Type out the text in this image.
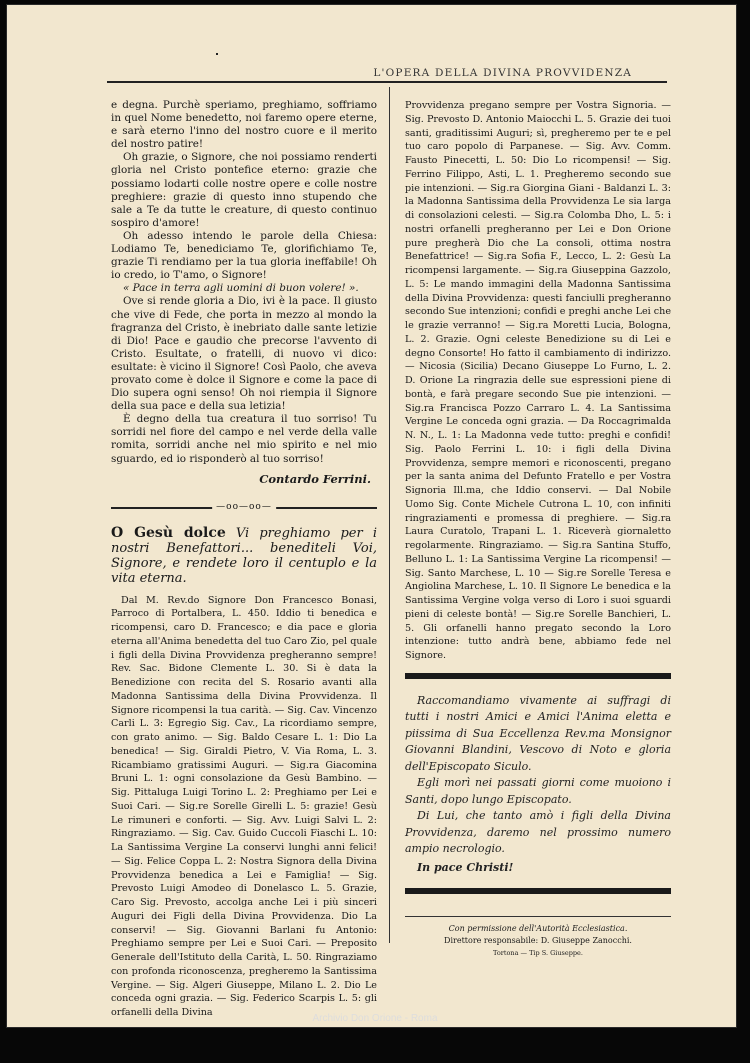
L'OPERA DELLA DIVINA PROVVIDENZA

e degna. Purchè speriamo, preghiamo, soffriamo in quel Nome benedetto, noi faremo opere eterne, e sarà eterno l'inno del nostro cuore e il merito del nostro patire!

Oh grazie, o Signore, che noi possiamo renderti gloria nel Cristo pontefice eterno: grazie che possiamo lodarti colle nostre opere e colle nostre preghiere: grazie di questo inno stupendo che sale a Te da tutte le creature, di questo continuo sospiro d'amore!

Oh adesso intendo le parole della Chiesa: Lodiamo Te, benediciamo Te, glorifichiamo Te, grazie Ti rendiamo per la tua gloria ineffabile! Oh io credo, io T'amo, o Signore!

« Pace in terra agli uomini di buon volere! ».

Ove si rende gloria a Dio, ivi è la pace. Il giusto che vive di Fede, che porta in mezzo al mondo la fragranza del Cristo, è inebriato dalle sante letizie di Dio! Pace e gaudio che precorse l'avvento di Cristo. Esultate, o fratelli, di nuovo vi dico: esultate: è vicino il Signore! Così Paolo, che aveva provato come è dolce il Signore e come la pace di Dio supera ogni senso! Oh noi riempia il Signore della sua pace e della sua letizia!

È degno della tua creatura il tuo sorriso! Tu sorridi nel fiore del campo e nel verde della valle romita, sorridi anche nel mio spirito e nel mio sguardo, ed io risponderò al tuo sorriso!

Contardo Ferrini.
—oo—oo—

O Gesù dolce Vi preghiamo per i nostri Benefattori... benediteli Voi, Signore, e rendete loro il centuplo e la vita eterna.

Dal M. Rev.do Signore Don Francesco Bonasi, Parroco di Portalbera, L. 450. Iddio ti benedica e ricompensi, caro D. Francesco; e dia pace e gloria eterna all'Anima benedetta del tuo Caro Zio, pel quale i figli della Divina Provvidenza pregheranno sempre! Rev. Sac. Bidone Clemente L. 30. Si è data la Benedizione con recita del S. Rosario avanti alla Madonna Santissima della Divina Provvidenza. Il Signore ricompensi la tua carità. — Sig. Cav. Vincenzo Carli L. 3: Egregio Sig. Cav., La ricordiamo sempre, con grato animo. — Sig. Baldo Cesare L. 1: Dio La benedica! — Sig. Giraldi Pietro, V. Via Roma, L. 3. Ricambiamo gratissimi Auguri. — Sig.ra Giacomina Bruni L. 1: ogni consolazione da Gesù Bambino. — Sig. Pittaluga Luigi Torino L. 2: Preghiamo per Lei e Suoi Cari. — Sig.re Sorelle Girelli L. 5: grazie! Gesù Le rimuneri e conforti. — Sig. Avv. Luigi Salvi L. 2: Ringraziamo. — Sig. Cav. Guido Cuccoli Fiaschi L. 10: La Santissima Vergine La conservi lunghi anni felici! — Sig. Felice Coppa L. 2: Nostra Signora della Divina Provvidenza benedica a Lei e Famiglia! — Sig. Prevosto Luigi Amodeo di Donelasco L. 5. Grazie, Caro Sig. Prevosto, accolga anche Lei i più sinceri Auguri dei Figli della Divina Provvidenza. Dio La conservi! — Sig. Giovanni Barlani fu Antonio: Preghiamo sempre per Lei e Suoi Cari. — Preposito Generale dell'Istituto della Carità, L. 50. Ringraziamo con profonda riconoscenza, pregheremo la Santissima Vergine. — Sig. Algeri Giuseppe, Milano L. 2. Dio Le conceda ogni grazia. — Sig. Federico Scarpis L. 5: gli orfanelli della Divina

Provvidenza pregano sempre per Vostra Signoria. — Sig. Prevosto D. Antonio Maiocchi L. 5. Grazie dei tuoi santi, graditissimi Auguri; sì, pregheremo per te e pel tuo caro popolo di Parpanese. — Sig. Avv. Comm. Fausto Pinecetti, L. 50: Dio Lo ricompensi! — Sig. Ferrino Filippo, Asti, L. 1. Pregheremo secondo sue pie intenzioni. — Sig.ra Giorgina Giani - Baldanzi L. 3: la Madonna Santissima della Provvidenza Le sia larga di consolazioni celesti. — Sig.ra Colomba Dho, L. 5: i nostri orfanelli pregheranno per Lei e Don Orione pure pregherà Dio che La consoli, ottima nostra Benefattrice! — Sig.ra Sofia F., Lecco, L. 2: Gesù La ricompensi largamente. — Sig.ra Giuseppina Gazzolo, L. 5: Le mando immagini della Madonna Santissima della Divina Provvidenza: questi fanciulli pregheranno secondo Sue intenzioni; confidi e preghi anche Lei che le grazie verranno! — Sig.ra Moretti Lucia, Bologna, L. 2. Grazie. Ogni celeste Benedizione su di Lei e degno Consorte! Ho fatto il cambiamento di indirizzo. — Nicosia (Sicilia) Decano Giuseppe Lo Furno, L. 2. D. Orione La ringrazia delle sue espressioni piene di bontà, e farà pregare secondo Sue pie intenzioni. — Sig.ra Francisca Pozzo Carraro L. 4. La Santissima Vergine Le conceda ogni grazia. — Da Roccagrimalda N. N., L. 1: La Madonna vede tutto: preghi e confidi! Sig. Paolo Ferrini L. 10: i figli della Divina Provvidenza, sempre memori e riconoscenti, pregano per la santa anima del Defunto Fratello e per Vostra Signoria Ill.ma, che Iddio conservi. — Dal Nobile Uomo Sig. Conte Michele Cutrona L. 10, con infiniti ringraziamenti e promessa di preghiere. — Sig.ra Laura Curatolo, Trapani L. 1. Riceverà giornaletto regolarmente. Ringraziamo. — Sig.ra Santina Stuffo, Belluno L. 1: La Santissima Vergine La ricompensi! — Sig. Santo Marchese, L. 10 — Sig.re Sorelle Teresa e Angiolina Marchese, L. 10. Il Signore Le benedica e la Santissima Vergine volga verso di Loro i suoi sguardi pieni di celeste bontà! — Sig.re Sorelle Banchieri, L. 5. Gli orfanelli hanno pregato secondo la Loro intenzione: tutto andrà bene, abbiamo fede nel Signore.

Raccomandiamo vivamente ai suffragi di tutti i nostri Amici e Amici l'Anima eletta e piissima di Sua Eccellenza Rev.ma Monsignor Giovanni Blandini, Vescovo di Noto e gloria dell'Episcopato Siculo.

Egli morì nei passati giorni come muoiono i Santi, dopo lungo Episcopato.

Di Lui, che tanto amò i figli della Divina Provvidenza, daremo nel prossimo numero ampio necrologio.

In pace Christi!

Con permissione dell'Autorità Ecclesiastica.
Direttore responsabile: D. Giuseppe Zanocchi.
Tortona — Tip S. Giuseppe.
Archivio Don Orione - Roma
